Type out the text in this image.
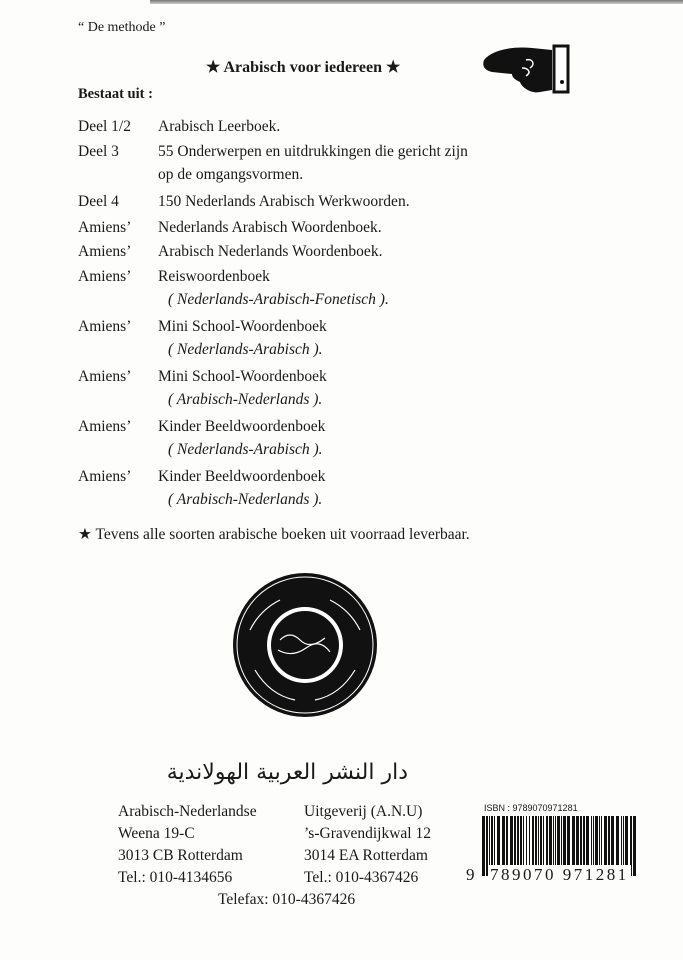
“ De methode ”
★ Arabisch voor iedereen ★
Bestaat uit :
Deel 1/2 Arabisch Leerboek.
Deel 3	55 Onderwerpen en uitdrukkingen die gericht zijn
op de omgangsvormen.
Deel 4	150 Nederlands Arabisch Werkwoorden.
Amiens’ Nederlands Arabisch Woordenboek.
Amiens’ Arabisch Nederlands Woordenboek.
Amiens’ Reiswoordenboek
( Nederlands-Arabisch-Fonetisch ).
Amiens’ Mini School-Woordenboek
( Nederlands-Arabisch ).
Amiens’ Mini School-Woordenboek
( Arabisch-Nederlands ).
Amiens’ Kinder Beeldwoordenboek
( Nederlands-Arabisch ).
Amiens’ Kinder Beeldwoordenboek
( Arabisch-Nederlands ).
★ Tevens alle soorten arabische boeken uit voorraad leverbaar.
دار النشر العربية الهولاندية
Arabisch-Nederlandse
Weena 19-C
3013 CB Rotterdam
Tel.: 010-4134656
Uitgeverij (A.N.U)
’s-Gravendijkwal 12
3014 EA Rotterdam
Tel.: 010-4367426
Telefax: 010-4367426
ISBN : 9789070971281
9 789070 971281
